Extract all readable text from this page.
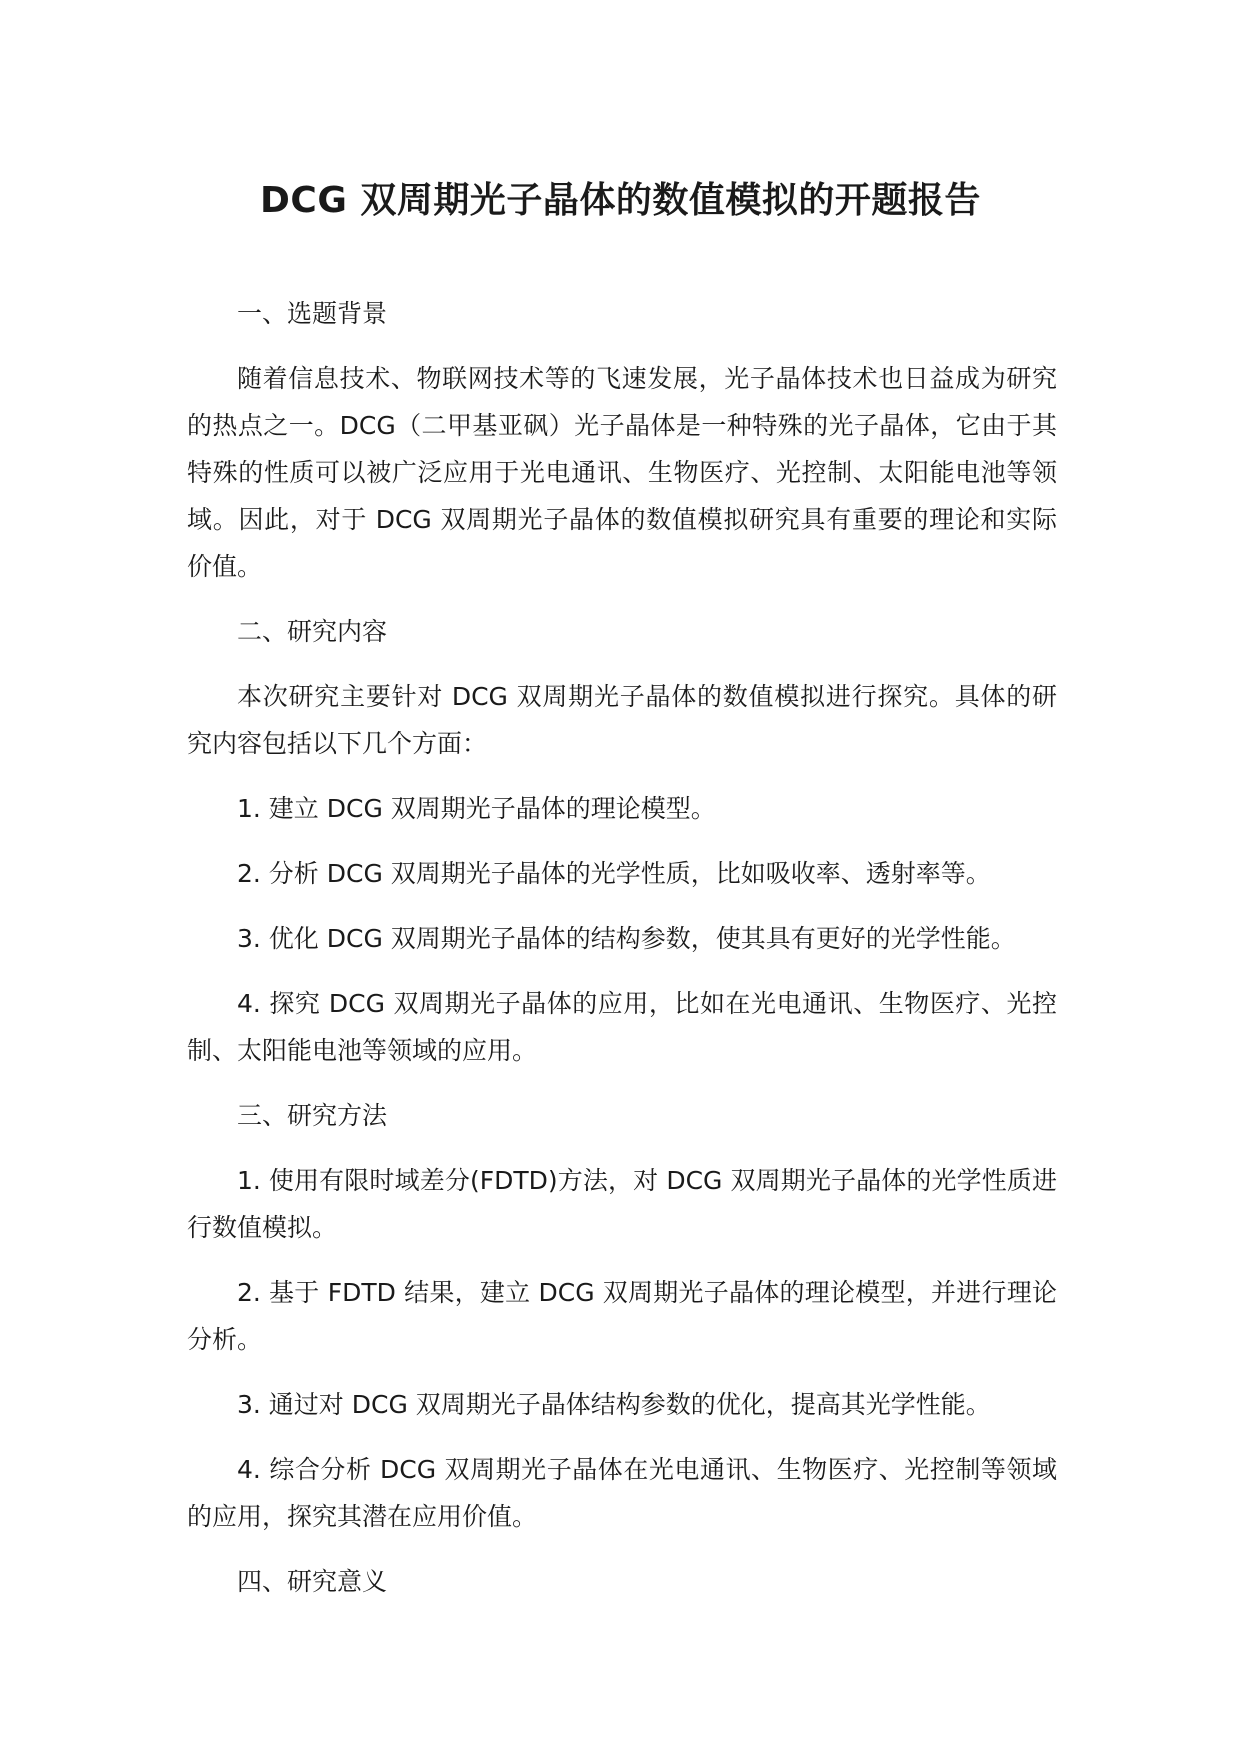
DCG 双周期光子晶体的数值模拟的开题报告

一、选题背景

随着信息技术、物联网技术等的飞速发展，光子晶体技术也日益成为研究的热点之一。DCG（二甲基亚砜）光子晶体是一种特殊的光子晶体，它由于其特殊的性质可以被广泛应用于光电通讯、生物医疗、光控制、太阳能电池等领域。因此，对于 DCG 双周期光子晶体的数值模拟研究具有重要的理论和实际价值。

二、研究内容

本次研究主要针对 DCG 双周期光子晶体的数值模拟进行探究。具体的研究内容包括以下几个方面：

1. 建立 DCG 双周期光子晶体的理论模型。

2. 分析 DCG 双周期光子晶体的光学性质，比如吸收率、透射率等。

3. 优化 DCG 双周期光子晶体的结构参数，使其具有更好的光学性能。

4. 探究 DCG 双周期光子晶体的应用，比如在光电通讯、生物医疗、光控制、太阳能电池等领域的应用。

三、研究方法

1. 使用有限时域差分(FDTD)方法，对 DCG 双周期光子晶体的光学性质进行数值模拟。

2. 基于 FDTD 结果，建立 DCG 双周期光子晶体的理论模型，并进行理论分析。

3. 通过对 DCG 双周期光子晶体结构参数的优化，提高其光学性能。

4. 综合分析 DCG 双周期光子晶体在光电通讯、生物医疗、光控制等领域的应用，探究其潜在应用价值。

四、研究意义
